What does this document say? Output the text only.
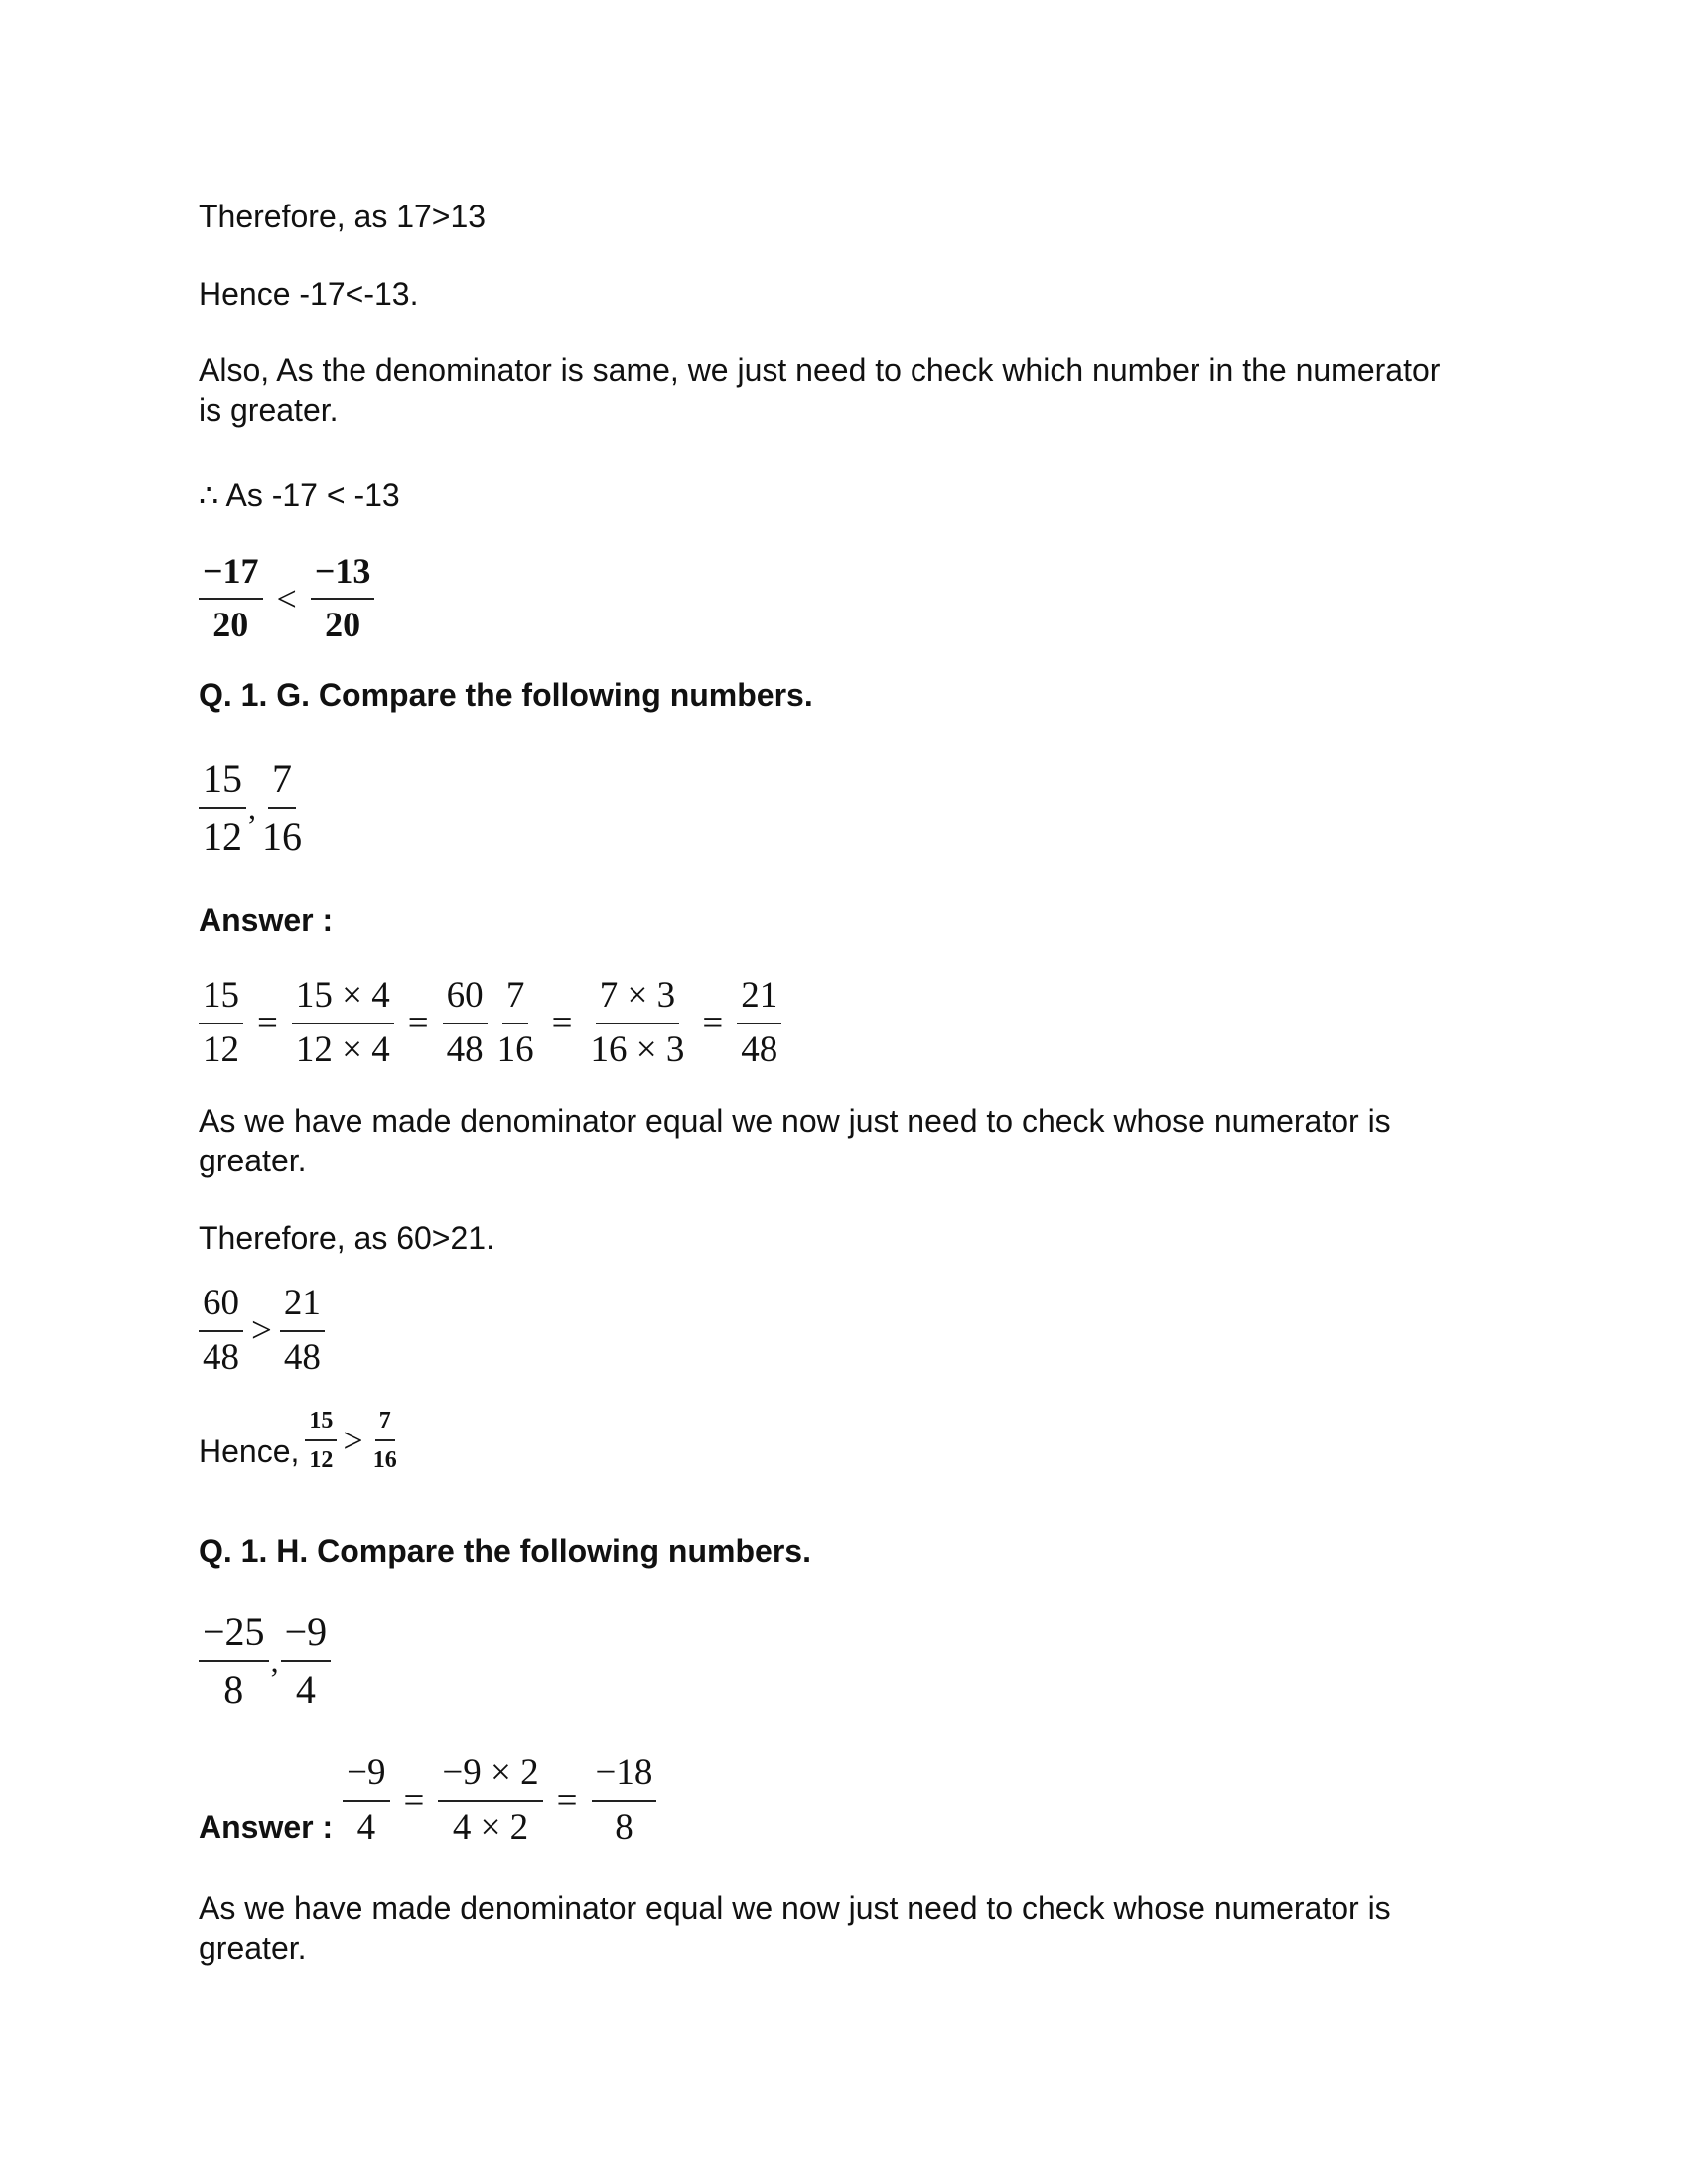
Therefore, as 17>13
Hence -17<-13.
Also, As the denominator is same, we just need to check which number in the numerator is greater.
∴ As -17 < -13
$\frac{-17}{20} < \frac{-13}{20}$
Q. 1. G. Compare the following numbers.
$\frac{15}{12}$ , $\frac{7}{16}$
Answer :
$\frac{15}{12} = \frac{15 \times 4}{12 \times 4} = \frac{60}{48} \frac{7}{16} = \frac{7 \times 3}{16 \times 3} = \frac{21}{48}$
As we have made denominator equal we now just need to check whose numerator is greater.
Therefore, as 60>21.
$\frac{60}{48} > \frac{21}{48}$
Hence, $\frac{15}{12} > \frac{7}{16}$
Q. 1. H. Compare the following numbers.
$\frac{-25}{8}$ , $\frac{-9}{4}$
Answer : $\frac{-9}{4} = \frac{-9 \times 2}{4 \times 2} = \frac{-18}{8}$
As we have made denominator equal we now just need to check whose numerator is greater.
